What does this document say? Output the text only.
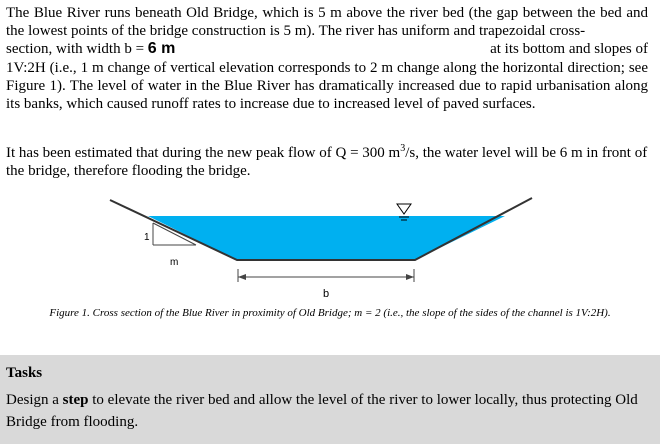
The Blue River runs beneath Old Bridge, which is 5 m above the river bed (the gap between the bed and the lowest points of the bridge construction is 5 m). The river has uniform and trapezoidal cross-
section, with width b = 6 m	at its bottom and slopes of
1V:2H (i.e., 1 m change of vertical elevation corresponds to 2 m change along the horizontal direction; see Figure 1). The level of water in the Blue River has dramatically increased due to rapid urbanisation along its banks, which caused runoff rates to increase due to increased level of paved surfaces.

It has been estimated that during the new peak flow of Q = 300 $m^3/s$, the water level will be 6 m in front of the bridge, therefore flooding the bridge.

1
m
b
Figure 1. Cross section of the Blue River in proximity of Old Bridge; m = 2 (i.e., the slope of the sides of the channel is 1V:2H).

Tasks

Design a step to elevate the river bed and allow the level of the river to lower locally, thus protecting Old Bridge from flooding.
